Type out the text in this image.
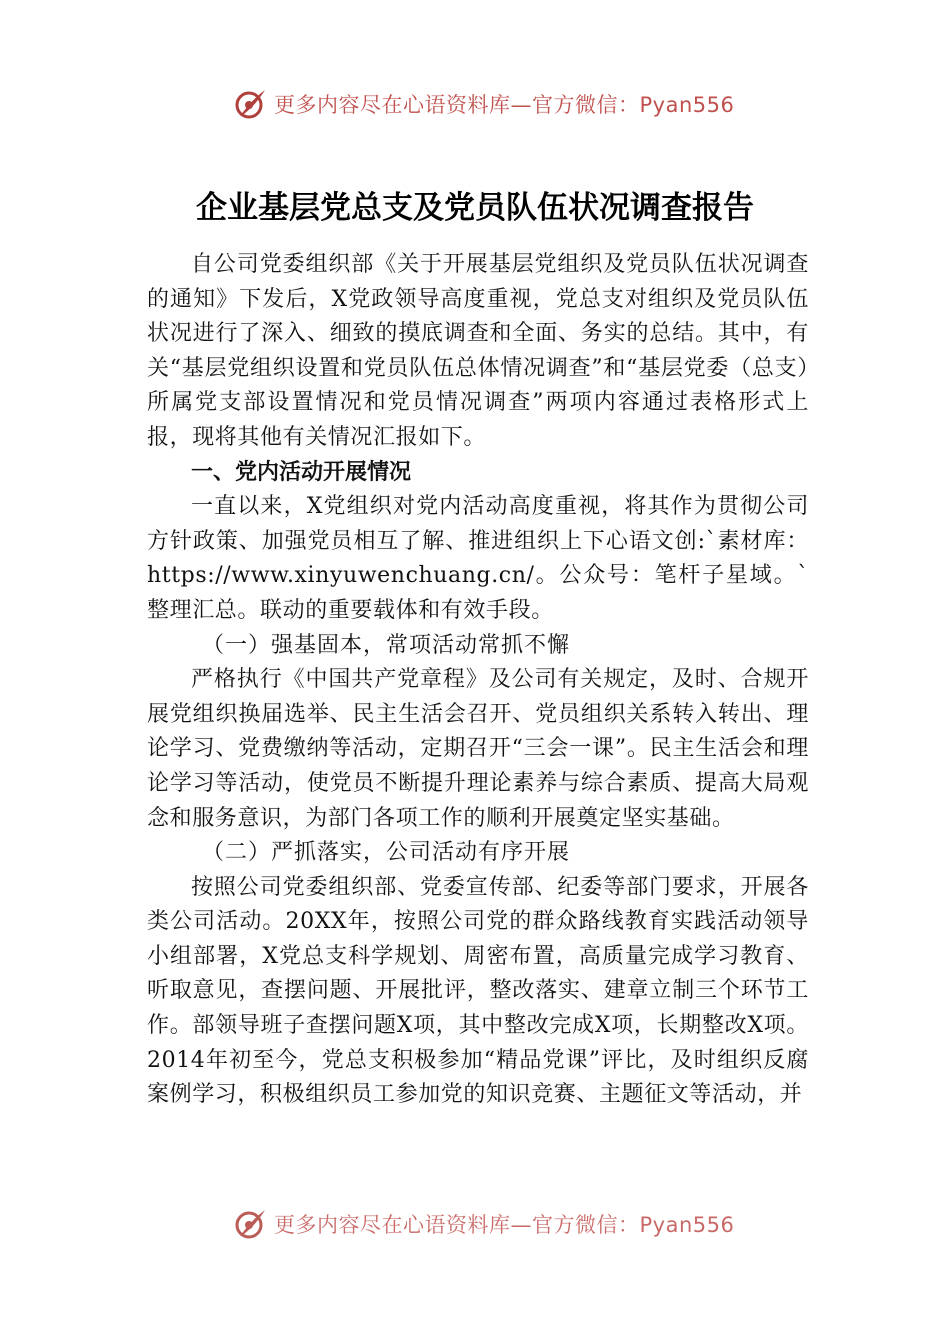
更多内容尽在心语资料库—官方微信：Pyan556
企业基层党总支及党员队伍状况调查报告

自公司党委组织部《关于开展基层党组织及党员队伍状况调查的通知》下发后，X党政领导高度重视，党总支对组织及党员队伍状况进行了深入、细致的摸底调查和全面、务实的总结。其中，有关“基层党组织设置和党员队伍总体情况调查”和“基层党委（总支）所属党支部设置情况和党员情况调查”两项内容通过表格形式上报，现将其他有关情况汇报如下。

一、党内活动开展情况

一直以来，X党组织对党内活动高度重视，将其作为贯彻公司方针政策、加强党员相互了解、推进组织上下心语文创:`素材库：https://www.xinyuwenchuang.cn/。公众号：笔杆子星域。`整理汇总。联动的重要载体和有效手段。

（一）强基固本，常项活动常抓不懈

严格执行《中国共产党章程》及公司有关规定，及时、合规开展党组织换届选举、民主生活会召开、党员组织关系转入转出、理论学习、党费缴纳等活动，定期召开“三会一课”。民主生活会和理论学习等活动，使党员不断提升理论素养与综合素质、提高大局观念和服务意识，为部门各项工作的顺利开展奠定坚实基础。

（二）严抓落实，公司活动有序开展

按照公司党委组织部、党委宣传部、纪委等部门要求，开展各类公司活动。20XX年，按照公司党的群众路线教育实践活动领导小组部署，X党总支科学规划、周密布置，高质量完成学习教育、听取意见，查摆问题、开展批评，整改落实、建章立制三个环节工作。部领导班子查摆问题X项，其中整改完成X项，长期整改X项。2014年初至今，党总支积极参加“精品党课”评比，及时组织反腐案例学习，积极组织员工参加党的知识竞赛、主题征文等活动，并

更多内容尽在心语资料库—官方微信：Pyan556
